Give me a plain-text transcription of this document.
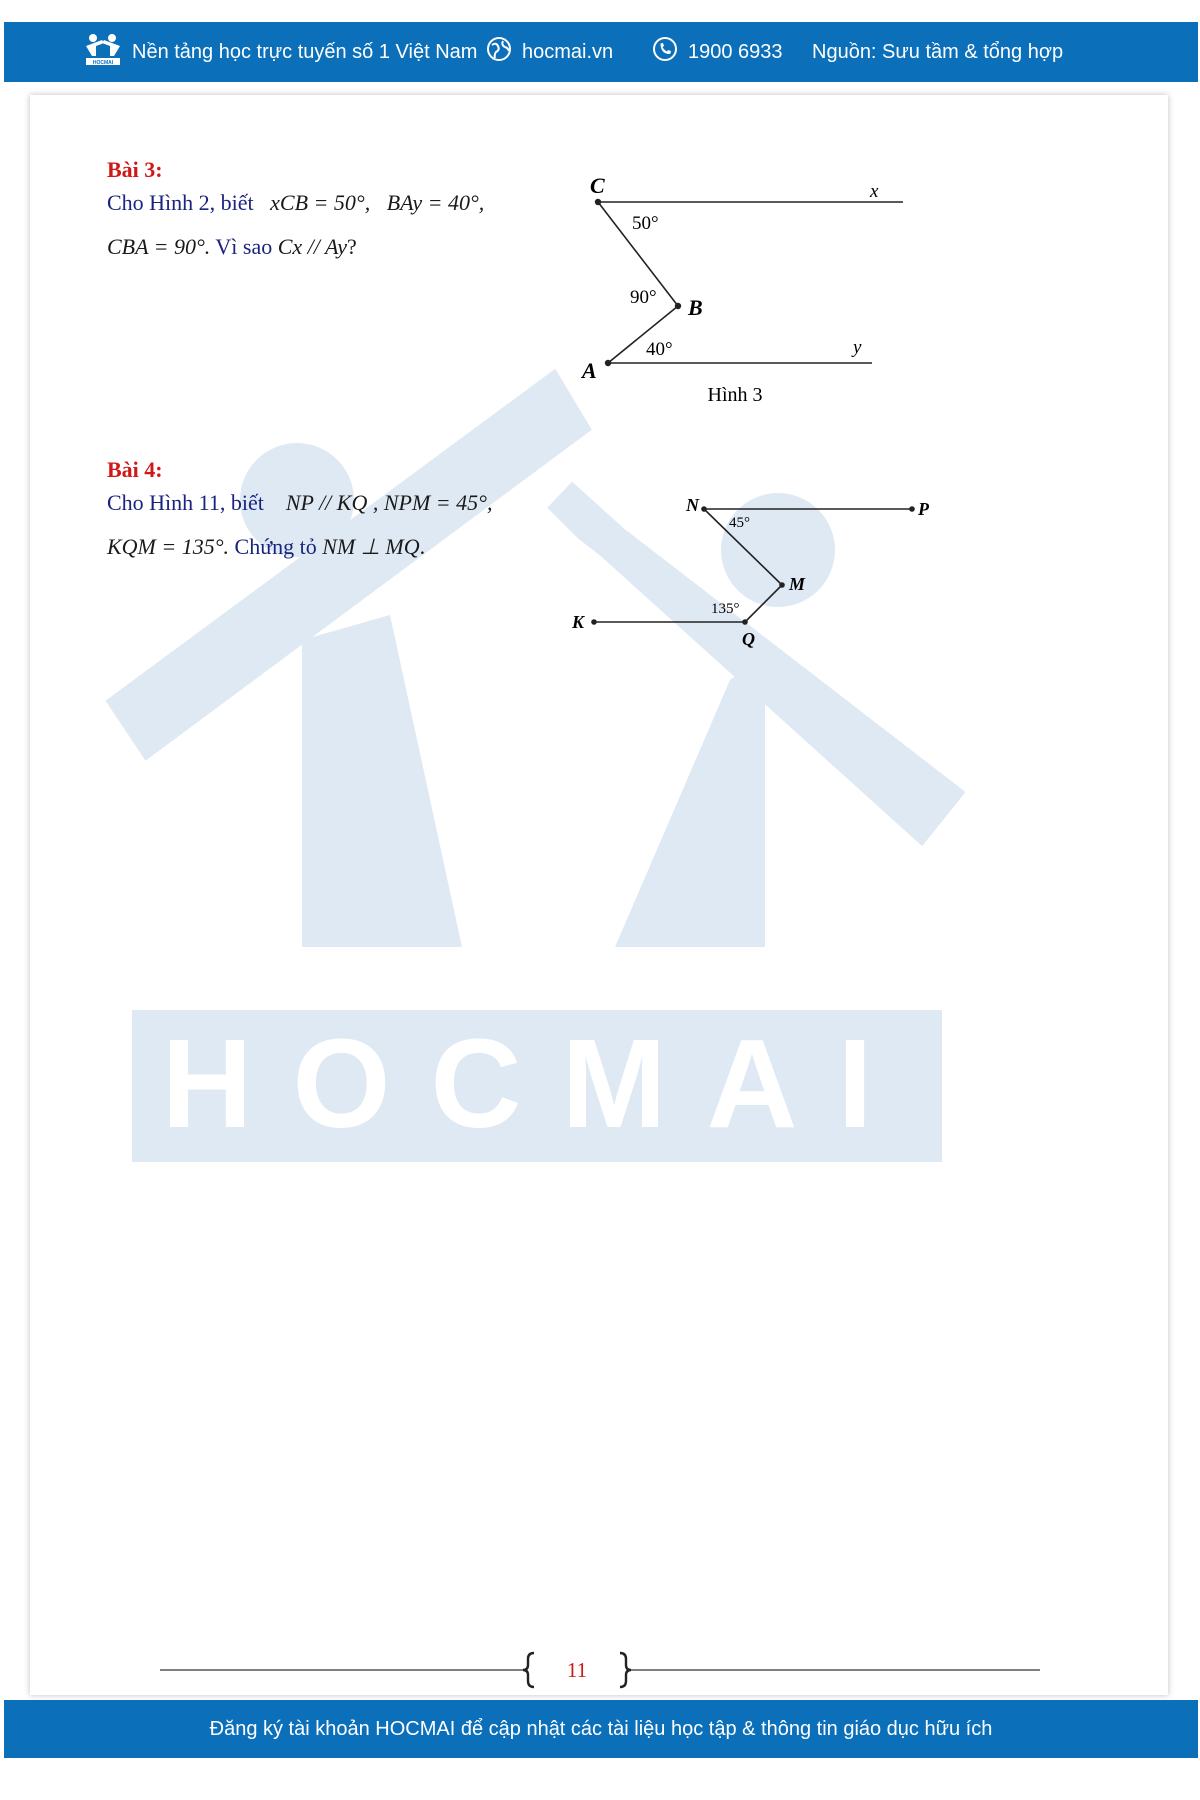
HOCMAI
Nền tảng học trực tuyến số 1 Việt Nam hocmai.vn	1900 6933 Nguồn: Sưu tầm & tổng hợp
HOCMAI
Bài 3:
Cho Hình 2, biết xCB = 50°, BAy = 40°,
CBA = 90°. Vì sao Cx // Ay?
C	x
B
A
y
50°
90°
40°
Hình 3
Bài 4:
Cho Hình 11, biết NP // KQ , NPM = 45°,
KQM = 135°. Chứng tỏ NM ⊥ MQ.
N	P
M
K
Q
45°
135°
11
Đăng ký tài khoản HOCMAI để cập nhật các tài liệu học tập & thông tin giáo dục hữu ích
